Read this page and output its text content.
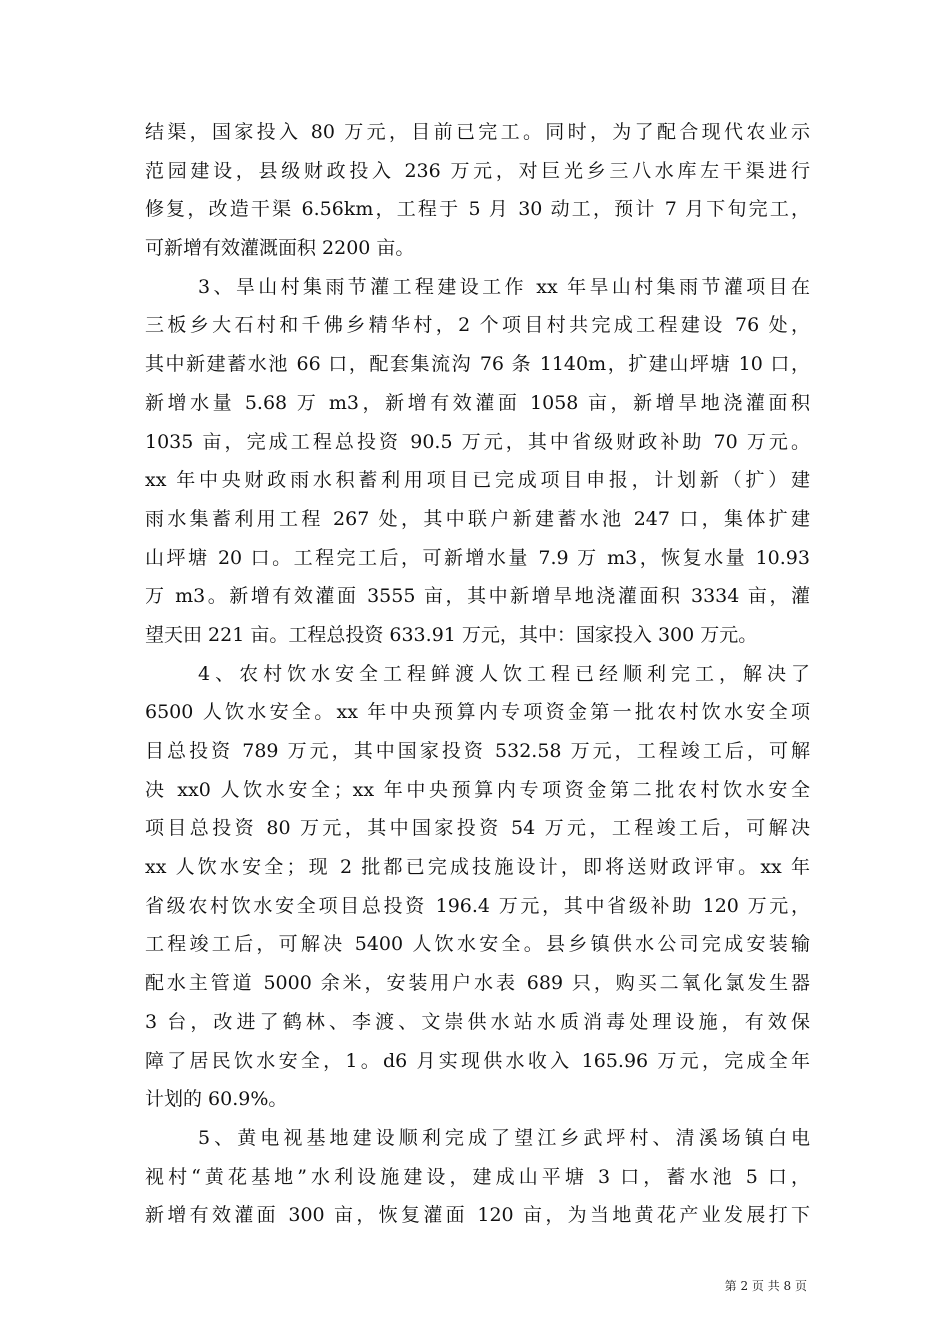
结渠，国家投入 80 万元，目前已完工。同时，为了配合现代农业示
范园建设，县级财政投入 236 万元，对巨光乡三八水库左干渠进行
修复，改造干渠 6.56km，工程于 5 月 30 动工，预计 7 月下旬完工，
可新增有效灌溉面积 2200 亩。
3、旱山村集雨节灌工程建设工作 xx 年旱山村集雨节灌项目在
三板乡大石村和千佛乡精华村，2 个项目村共完成工程建设 76 处，
其中新建蓄水池 66 口，配套集流沟 76 条 1140m，扩建山坪塘 10 口，
新增水量 5.68 万 m3，新增有效灌面 1058 亩，新增旱地浇灌面积
1035 亩，完成工程总投资 90.5 万元，其中省级财政补助 70 万元。
xx 年中央财政雨水积蓄利用项目已完成项目申报，计划新（扩）建
雨水集蓄利用工程 267 处，其中联户新建蓄水池 247 口，集体扩建
山坪塘 20 口。工程完工后，可新增水量 7.9 万 m3，恢复水量 10.93
万 m3。新增有效灌面 3555 亩，其中新增旱地浇灌面积 3334 亩，灌
望天田 221 亩。工程总投资 633.91 万元，其中：国家投入 300 万元。
4、农村饮水安全工程鲜渡人饮工程已经顺利完工，解决了
6500 人饮水安全。xx 年中央预算内专项资金第一批农村饮水安全项
目总投资 789 万元，其中国家投资 532.58 万元，工程竣工后，可解
决 xx0 人饮水安全；xx 年中央预算内专项资金第二批农村饮水安全
项目总投资 80 万元，其中国家投资 54 万元，工程竣工后，可解决
xx 人饮水安全；现 2 批都已完成技施设计，即将送财政评审。xx 年
省级农村饮水安全项目总投资 196.4 万元，其中省级补助 120 万元，
工程竣工后，可解决 5400 人饮水安全。县乡镇供水公司完成安装输
配水主管道 5000 余米，安装用户水表 689 只，购买二氧化氯发生器
3 台，改进了鹤林、李渡、文崇供水站水质消毒处理设施，有效保
障了居民饮水安全，1。d6 月实现供水收入 165.96 万元，完成全年
计划的 60.9%。
5、黄电视基地建设顺利完成了望江乡武坪村、清溪场镇白电
视村“黄花基地”水利设施建设，建成山平塘 3 口，蓄水池 5 口，
新增有效灌面 300 亩，恢复灌面 120 亩，为当地黄花产业发展打下
第 2 页 共 8 页
